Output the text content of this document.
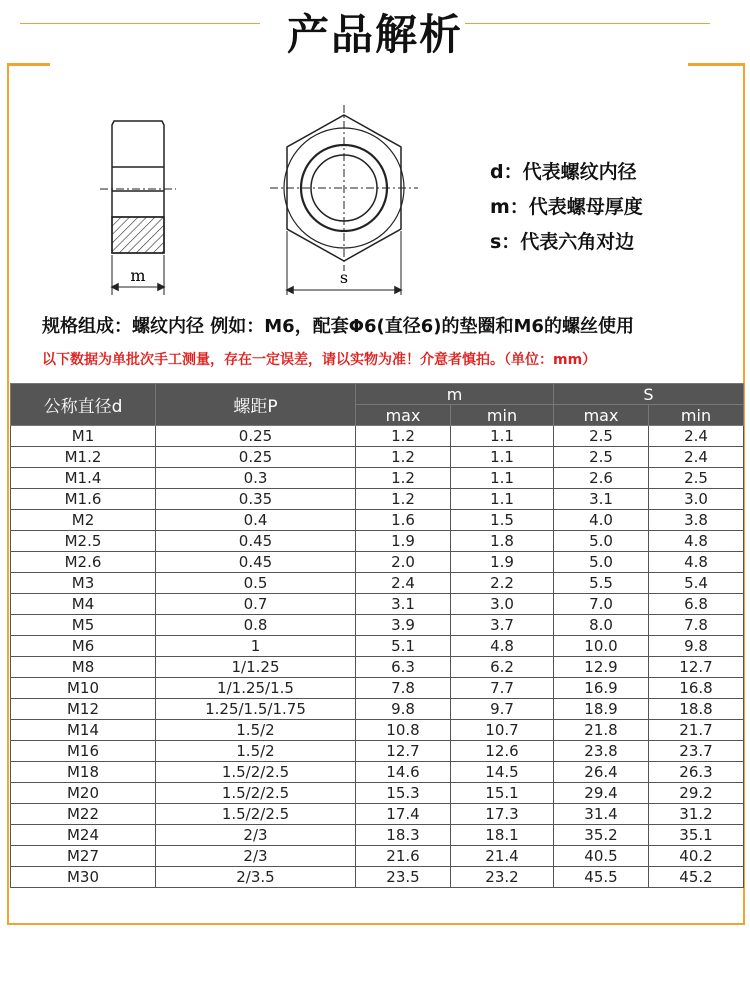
产品解析
m	s
d：代表螺纹内径
m：代表螺母厚度
s：代表六角对边
规格组成：螺纹内径 例如：M6，配套Φ6(直径6)的垫圈和M6的螺丝使用
以下数据为单批次手工测量，存在一定误差，请以实物为准！介意者慎拍。（单位：mm）
公称直径d	螺距P	m		S	
		max	min	max	min
M1	0.25	1.2	1.1	2.5	2.4
M1.2	0.25	1.2	1.1	2.5	2.4
M1.4	0.3	1.2	1.1	2.6	2.5
M1.6	0.35	1.2	1.1	3.1	3.0
M2	0.4	1.6	1.5	4.0	3.8
M2.5	0.45	1.9	1.8	5.0	4.8
M2.6	0.45	2.0	1.9	5.0	4.8
M3	0.5	2.4	2.2	5.5	5.4
M4	0.7	3.1	3.0	7.0	6.8
M5	0.8	3.9	3.7	8.0	7.8
M6	1	5.1	4.8	10.0	9.8
M8	1/1.25	6.3	6.2	12.9	12.7
M10	1/1.25/1.5	7.8	7.7	16.9	16.8
M12	1.25/1.5/1.75	9.8	9.7	18.9	18.8
M14	1.5/2	10.8	10.7	21.8	21.7
M16	1.5/2	12.7	12.6	23.8	23.7
M18	1.5/2/2.5	14.6	14.5	26.4	26.3
M20	1.5/2/2.5	15.3	15.1	29.4	29.2
M22	1.5/2/2.5	17.4	17.3	31.4	31.2
M24	2/3	18.3	18.1	35.2	35.1
M27	2/3	21.6	21.4	40.5	40.2
M30	2/3.5	23.5	23.2	45.5	45.2
